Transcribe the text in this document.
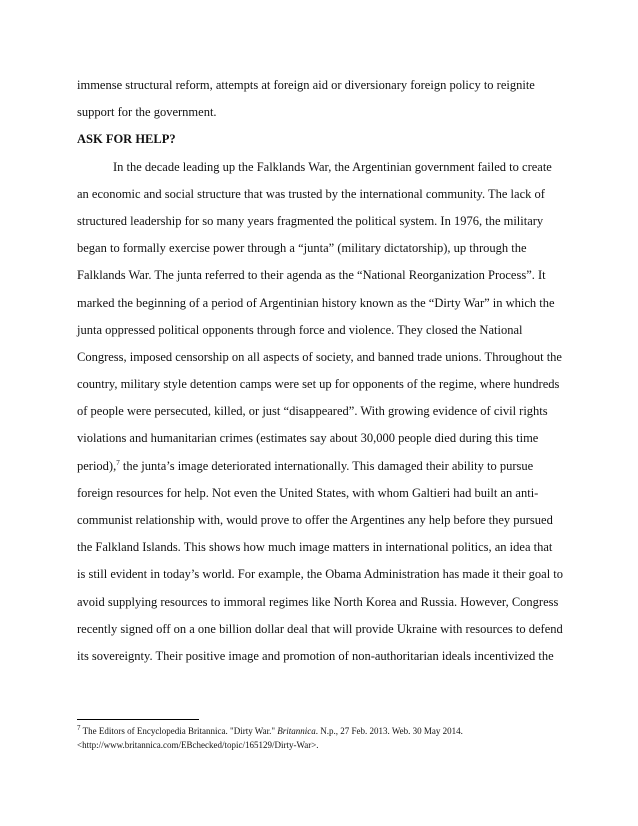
immense structural reform, attempts at foreign aid or diversionary foreign policy to reignite
support for the government.
ASK FOR HELP?
In the decade leading up the Falklands War, the Argentinian government failed to create
an economic and social structure that was trusted by the international community. The lack of
structured leadership for so many years fragmented the political system. In 1976, the military
began to formally exercise power through a “junta” (military dictatorship), up through the
Falklands War. The junta referred to their agenda as the “National Reorganization Process”. It
marked the beginning of a period of Argentinian history known as the “Dirty War” in which the
junta oppressed political opponents through force and violence. They closed the National
Congress, imposed censorship on all aspects of society, and banned trade unions. Throughout the
country, military style detention camps were set up for opponents of the regime, where hundreds
of people were persecuted, killed, or just “disappeared”. With growing evidence of civil rights
violations and humanitarian crimes (estimates say about 30,000 people died during this time
period),$^7$ the junta’s image deteriorated internationally. This damaged their ability to pursue
foreign resources for help. Not even the United States, with whom Galtieri had built an anti-
communist relationship with, would prove to offer the Argentines any help before they pursued
the Falkland Islands. This shows how much image matters in international politics, an idea that
is still evident in today’s world. For example, the Obama Administration has made it their goal to
avoid supplying resources to immoral regimes like North Korea and Russia. However, Congress
recently signed off on a one billion dollar deal that will provide Ukraine with resources to defend
its sovereignty. Their positive image and promotion of non-authoritarian ideals incentivized the
$^7$ The Editors of Encyclopedia Britannica. "Dirty War." Britannica. N.p., 27 Feb. 2013. Web. 30 May 2014.
<http://www.britannica.com/EBchecked/topic/165129/Dirty-War>.
